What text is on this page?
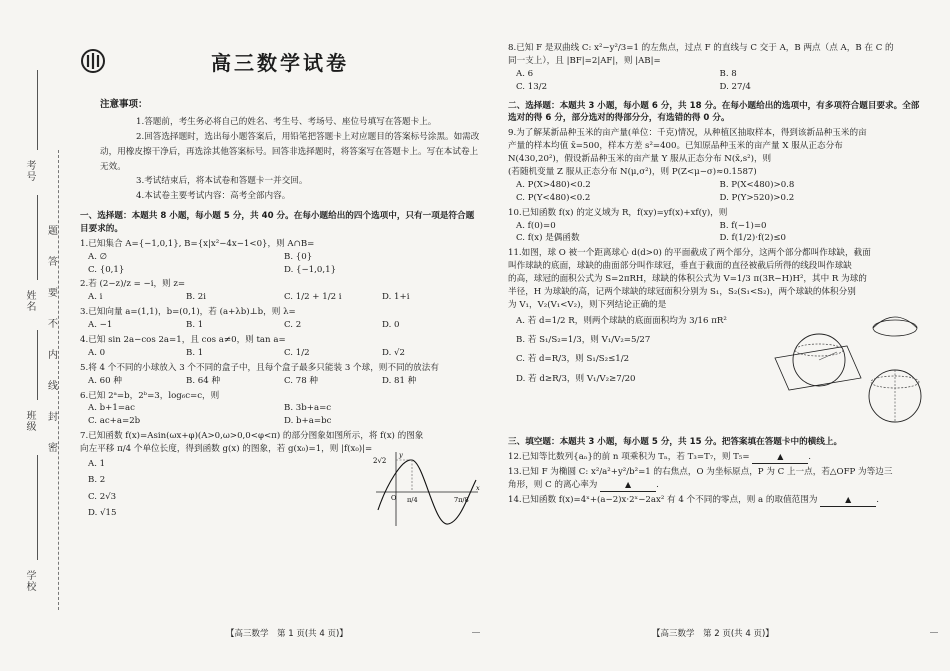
考号
姓名
班级
学校
题
答
要
不
内
线
封
密
高三数学试卷
注意事项：

1.答题前，考生务必将自己的姓名、考生号、考场号、座位号填写在答题卡上。

2.回答选择题时，选出每小题答案后，用铅笔把答题卡上对应题目的答案标号涂黑。如需改动，用橡皮擦干净后，再选涂其他答案标号。回答非选择题时，将答案写在答题卡上。写在本试卷上无效。

3.考试结束后，将本试卷和答题卡一并交回。

4.本试卷主要考试内容：高考全部内容。

一、选择题：本题共 8 小题，每小题 5 分，共 40 分。在每小题给出的四个选项中，只有一项是符合题目要求的。
1.已知集合 A={−1,0,1}, B={x|x²−4x−1<0}，则 A∩B=
A. ∅	B. {0}
C. {0,1}	D. {−1,0,1}
2.若 (2−z)/z = −i，则 z=
A. i	B. 2i	C. 1/2 + 1/2 i	D. 1+i
3.已知向量 a=(1,1)，b=(0,1)，若 (a+λb)⊥b，则 λ=
A. −1	B. 1	C. 2	D. 0
4.已知 sin 2a−cos 2a=1，且 cos a≠0，则 tan a=
A. 0	B. 1	C. 1/2	D. √2
5.将 4 个不同的小球放入 3 个不同的盒子中，且每个盒子最多只能装 3 个球，则不同的放法有
A. 60 种	B. 64 种	C. 78 种	D. 81 种
6.已知 2ᵃ=b，2ᵇ=3，log₆c=c，则
A. b+1=ac	B. 3b+a=c
C. ac+a=2b	D. b+a=bc
7.已知函数 f(x)=Asin(ωx+φ)(A>0,ω>0,0<φ<π) 的部分图象如图所示，将 f(x) 的图象
向左平移 π/4 个单位长度，得到函数 g(x) 的图象，若 g(x₀)=1，则 |f(x₀)|=
A. 1
B. 2
C. 2√3
D. √15
2√2
O π/4	7π/8
x
y
【高三数学　第 1 页(共 4 页)】
8.已知 F 是双曲线 C: x²−y²/3=1 的左焦点，过点 F 的直线与 C 交于 A，B 两点（点 A，B 在 C 的
同一支上），且 |BF|=2|AF|，则 |AB|=
A. 6	B. 8
C. 13/2	D. 27/4
二、选择题：本题共 3 小题，每小题 6 分，共 18 分。在每小题给出的选项中，有多项符合题目要求。全部选对的得 6 分，部分选对的得部分分，有选错的得 0 分。
9.为了解某新品种玉米的亩产量(单位：千克)情况，从种植区抽取样本，得到该新品种玉米的亩
产量的样本均值 x̄=500，样本方差 s²=400。已知原品种玉米的亩产量 X 服从正态分布
N(430,20²)，假设新品种玉米的亩产量 Y 服从正态分布 N(x̄,s²)，则
(若随机变量 Z 服从正态分布 N(μ,σ²)，则 P(Z<μ−σ)≈0.1587)
A. P(X>480)<0.2	B. P(X<480)>0.8
C. P(Y<480)<0.2	D. P(Y>520)>0.2
10.已知函数 f(x) 的定义域为 R，f(xy)=yf(x)+xf(y)，则
A. f(0)=0	B. f(−1)=0
C. f(x) 是偶函数	D. f(1/2)·f(2)≤0
11.如图，球 O 被一个距离球心 d(d>0) 的平面截成了两个部分，这两个部分都叫作球缺，截面
叫作球缺的底面，球缺的曲面部分叫作球冠，垂直于截面的直径被截后所得的线段叫作球缺
的高，球冠的面积公式为 S=2πRH，球缺的体积公式为 V=1/3 π(3R−H)H²，其中 R 为球的
半径，H 为球缺的高，记两个球缺的球冠面积分别为 S₁，S₂(S₁<S₂)，两个球缺的体积分别
为 V₁，V₂(V₁<V₂)，则下列结论正确的是
A. 若 d=1/2 R，则两个球缺的底面面积均为 3/16 πR²
B. 若 S₁/S₂=1/3，则 V₁/V₂=5/27
C. 若 d=R/3，则 S₁/S₂≤1/2
D. 若 d≥R/3，则 V₁/V₂≥7/20
三、填空题：本题共 3 小题，每小题 5 分，共 15 分。把答案填在答题卡中的横线上。
12.已知等比数列{aₙ}的前 n 项乘积为 Tₙ，若 T₃=T₇，则 T₅=	▲	.
13.已知 F 为椭圆 C: x²/a²+y²/b²=1 的右焦点，O 为坐标原点，P 为 C 上一点，若△OFP 为等边三
角形，则 C 的离心率为	▲	.
14.已知函数 f(x)=4ˣ+(a−2)x·2ˣ−2ax² 有 4 个不同的零点，则 a 的取值范围为	▲	.
【高三数学　第 2 页(共 4 页)】
